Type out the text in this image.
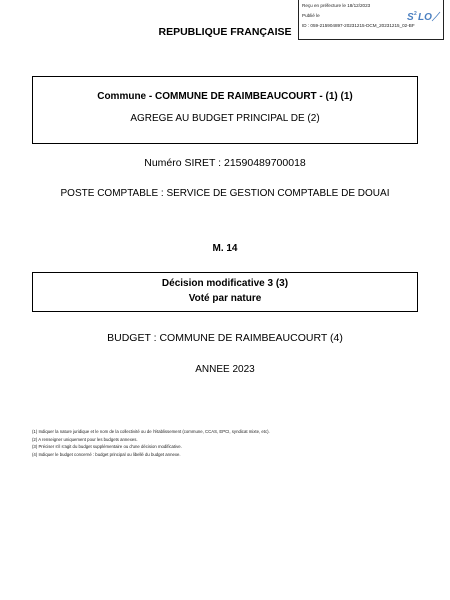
Reçu en préfecture le 18/12/2023
Publié le
ID : 059-215904897-20231215-DCM_20231215_02-BF
S 2 LO
REPUBLIQUE FRANÇAISE
Commune - COMMUNE DE RAIMBEAUCOURT - (1) (1)
AGREGE AU BUDGET PRINCIPAL DE (2)
Numéro SIRET : 21590489700018
POSTE COMPTABLE : SERVICE DE GESTION COMPTABLE DE DOUAI
M. 14
Décision modificative 3 (3)
Voté par nature
BUDGET : COMMUNE DE RAIMBEAUCOURT (4)
ANNEE 2023
(1) Indiquer la nature juridique et le nom de la collectivité ou de l'établissement (commune, CCAS, EPCI, syndicat mixte, etc).
(2) A renseigner uniquement pour les budgets annexes.
(3) Préciser s'il s'agit du budget supplémentaire ou d'une décision modificative.
(4) Indiquer le budget concerné : budget principal ou libellé du budget annexe.
